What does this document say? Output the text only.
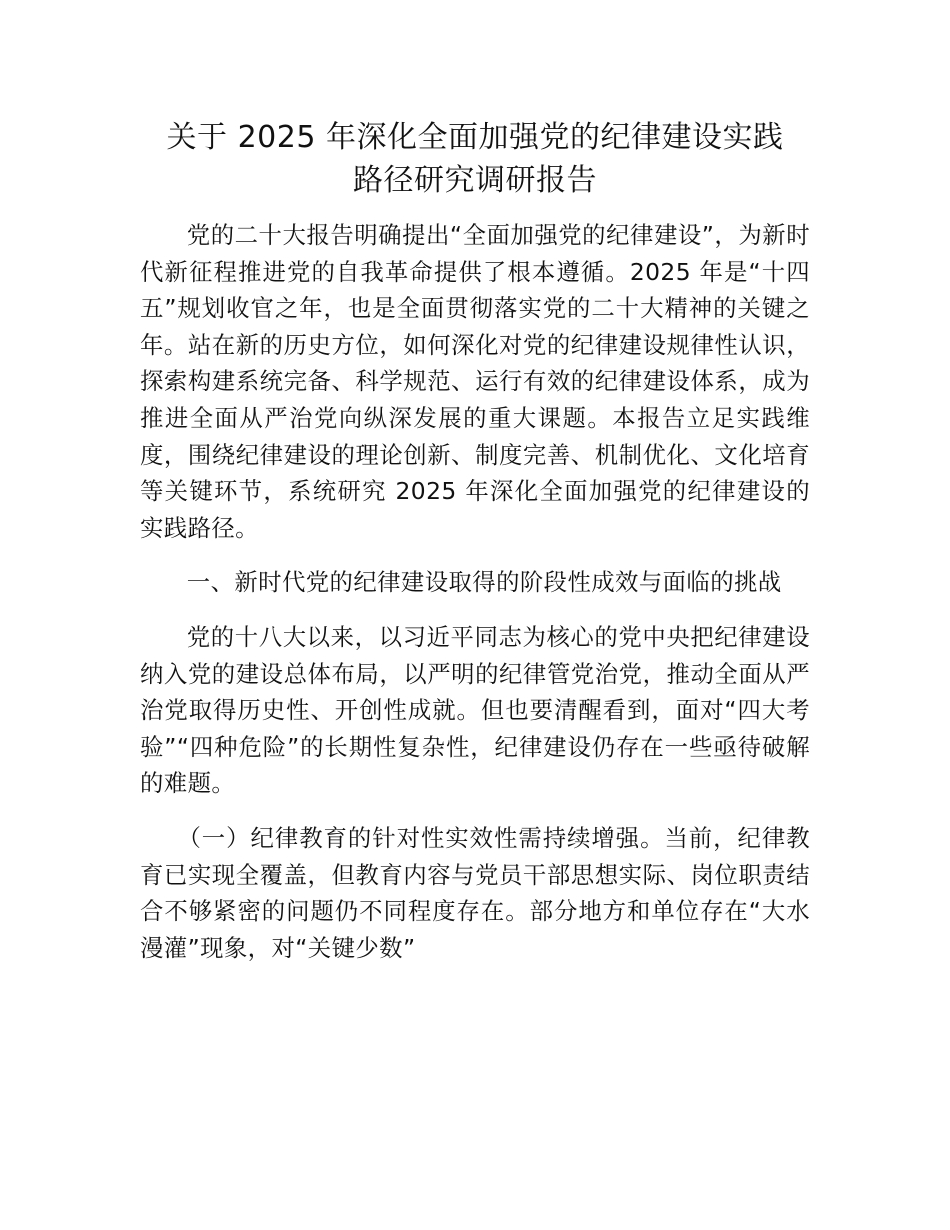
关于 2025 年深化全面加强党的纪律建设实践
路径研究调研报告

党的二十大报告明确提出“全面加强党的纪律建设”，为新时代新征程推进党的自我革命提供了根本遵循。2025 年是“十四五”规划收官之年，也是全面贯彻落实党的二十大精神的关键之年。站在新的历史方位，如何深化对党的纪律建设规律性认识，探索构建系统完备、科学规范、运行有效的纪律建设体系，成为推进全面从严治党向纵深发展的重大课题。本报告立足实践维度，围绕纪律建设的理论创新、制度完善、机制优化、文化培育等关键环节，系统研究 2025 年深化全面加强党的纪律建设的实践路径。

一、新时代党的纪律建设取得的阶段性成效与面临的挑战

党的十八大以来，以习近平同志为核心的党中央把纪律建设纳入党的建设总体布局，以严明的纪律管党治党，推动全面从严治党取得历史性、开创性成就。但也要清醒看到，面对“四大考验”“四种危险”的长期性复杂性，纪律建设仍存在一些亟待破解的难题。

（一）纪律教育的针对性实效性需持续增强。当前，纪律教育已实现全覆盖，但教育内容与党员干部思想实际、岗位职责结合不够紧密的问题仍不同程度存在。部分地方和单位存在“大水漫灌”现象，对“关键少数”
